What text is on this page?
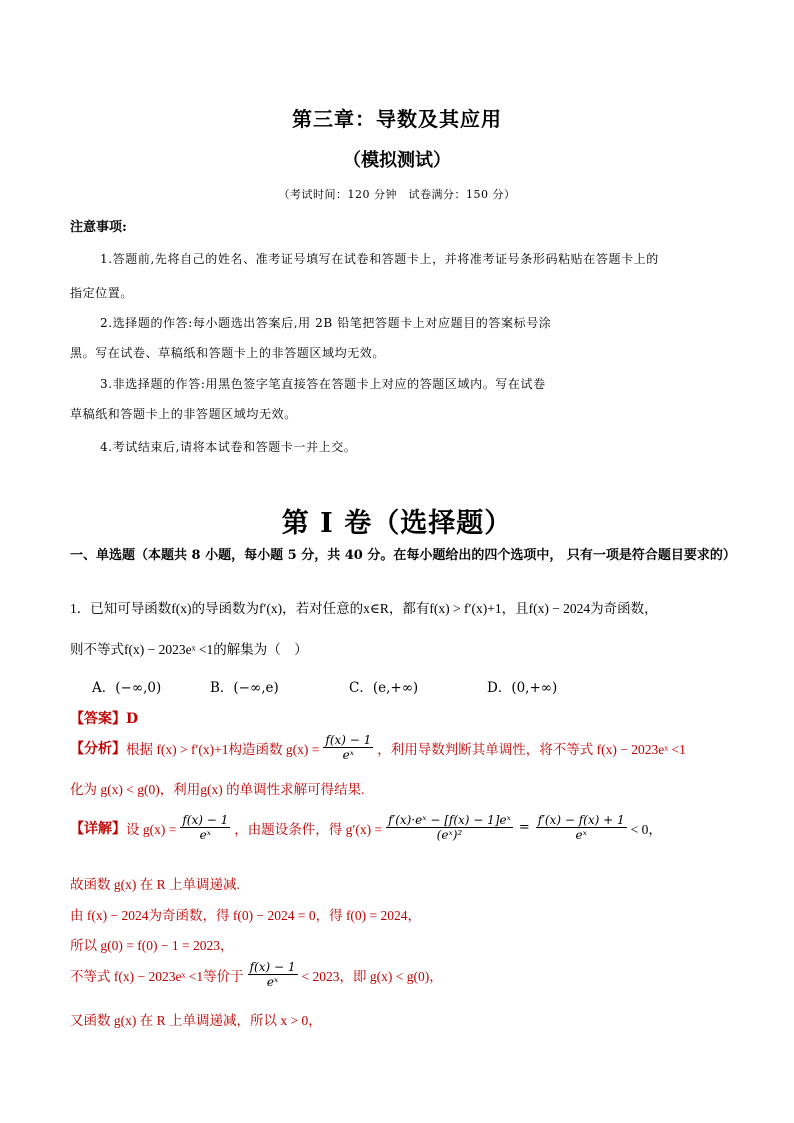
第三章：导数及其应用
（模拟测试）
（考试时间：120 分钟　试卷满分：150 分）
注意事项:
1.答题前,先将自己的姓名、准考证号填写在试卷和答题卡上，并将准考证号条形码粘贴在答题卡上的
指定位置。
2.选择题的作答:每小题选出答案后,用 2B 铅笔把答题卡上对应题目的答案标号涂
黑。写在试卷、草稿纸和答题卡上的非答题区域均无效。
3.非选择题的作答:用黑色签字笔直接答在答题卡上对应的答题区域内。写在试卷
草稿纸和答题卡上的非答题区域均无效。
4.考试结束后,请将本试卷和答题卡一并上交。
第 I 卷（选择题）
一、单选题（本题共 8 小题，每小题 5 分，共 40 分。在每小题给出的四个选项中， 只有一项是符合题目要求的）
1．已知可导函数f(x)的导函数为f′(x)，若对任意的x∈R，都有f(x) > f′(x)+1，且f(x) − 2024为奇函数，
则不等式f(x) − 2023eˣ <1的解集为（　）
A．(−∞,0)	B．(−∞,e)	C．(e,+∞)	D．(0,+∞)
【答案】D
【分析】 根据 f(x) > f′(x)+1构造函数 $g(x) = \frac{f(x) - 1}{\text{eˣ}}$ ，利用导数判断其单调性，将不等式 f(x) − 2023eˣ <1
化为 g(x) < g(0)，利用g(x) 的单调性求解可得结果.
【详解】 设 $g(x) = \frac{f(x) - 1}{\text{eˣ}}$ ，由题设条件，得 $g'(x) = \frac{\text{f′(x)·eˣ − [f(x) − 1]eˣ}}{\text{(eˣ)²}} = \frac{f'(x) - f(x) + 1}{\text{eˣ}} < 0$，
故函数 g(x) 在 R 上单调递减.
由 f(x) − 2024为奇函数，得 f(0) − 2024 = 0，得 f(0) = 2024，
所以 g(0) = f(0) − 1 = 2023，
不等式 f(x) − 2023eˣ <1等价于 $\frac{f(x) - 1}{\text{eˣ}} < 2023$，即 g(x) < g(0)，
又函数 g(x) 在 R 上单调递减，所以 x > 0，
